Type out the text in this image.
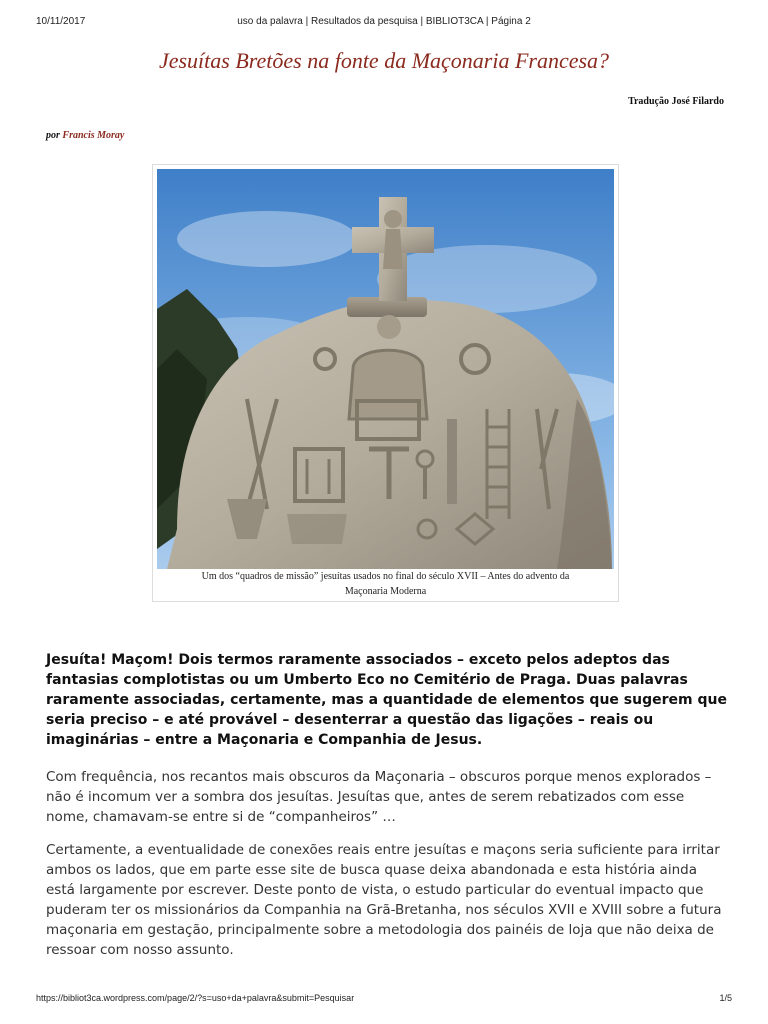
10/11/2017	uso da palavra | Resultados da pesquisa | BIBLIOT3CA | Página 2
Jesuítas Bretões na fonte da Maçonaria Francesa?
Tradução José Filardo
por Francis Moray
Um dos “quadros de missão” jesuítas usados no final do século XVII – Antes do advento da
Maçonaria Moderna

Jesuíta! Maçom! Dois termos raramente associados – exceto pelos adeptos das fantasias complotistas ou um Umberto Eco no Cemitério de Praga. Duas palavras raramente associadas, certamente, mas a quantidade de elementos que sugerem que seria preciso – e até provável – desenterrar a questão das ligações – reais ou imaginárias – entre a Maçonaria e Companhia de Jesus.

Com frequência, nos recantos mais obscuros da Maçonaria – obscuros porque menos explorados – não é incomum ver a sombra dos jesuítas. Jesuítas que, antes de serem rebatizados com esse nome, chamavam-se entre si de “companheiros” …

Certamente, a eventualidade de conexões reais entre jesuítas e maçons seria suficiente para irritar ambos os lados, que em parte esse site de busca quase deixa abandonada e esta história ainda está largamente por escrever. Deste ponto de vista, o estudo particular do eventual impacto que puderam ter os missionários da Companhia na Grã-Bretanha, nos séculos XVII e XVIII sobre a futura maçonaria em gestação, principalmente sobre a metodologia dos painéis de loja que não deixa de ressoar com nosso assunto.

https://bibliot3ca.wordpress.com/page/2/?s=uso+da+palavra&submit=Pesquisar	1/5
